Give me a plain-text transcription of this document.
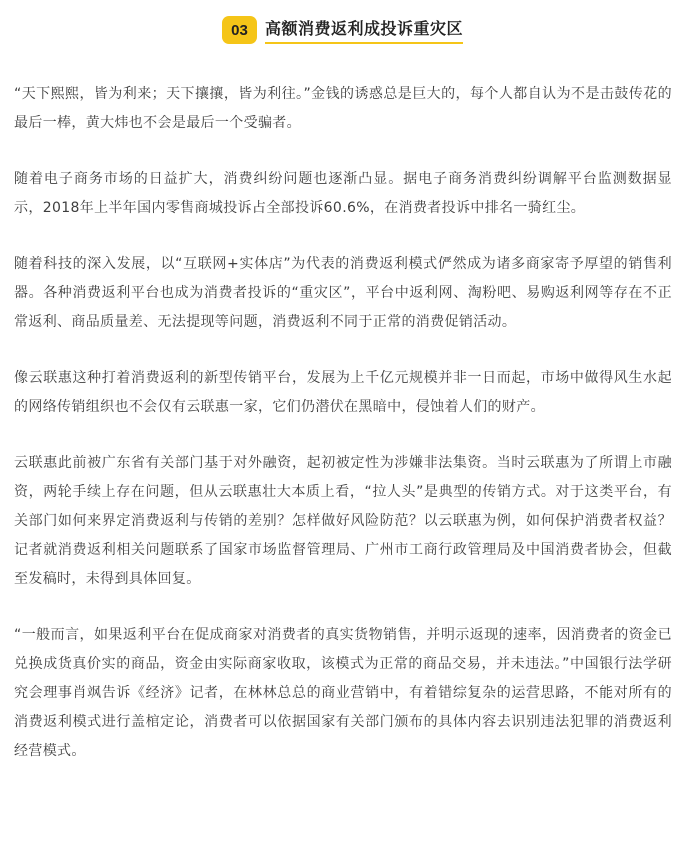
03	高额消费返利成投诉重灾区

“天下熙熙，皆为利来；天下攘攘，皆为利往。”金钱的诱惑总是巨大的，每个人都自认为不是击鼓传花的最后一棒，黄大炜也不会是最后一个受骗者。

随着电子商务市场的日益扩大，消费纠纷问题也逐渐凸显。据电子商务消费纠纷调解平台监测数据显示，2018年上半年国内零售商城投诉占全部投诉60.6%，在消费者投诉中排名一骑红尘。

随着科技的深入发展，以“互联网+实体店”为代表的消费返利模式俨然成为诸多商家寄予厚望的销售利器。各种消费返利平台也成为消费者投诉的“重灾区”，平台中返利网、淘粉吧、易购返利网等存在不正常返利、商品质量差、无法提现等问题，消费返利不同于正常的消费促销活动。

像云联惠这种打着消费返利的新型传销平台，发展为上千亿元规模并非一日而起，市场中做得风生水起的网络传销组织也不会仅有云联惠一家，它们仍潜伏在黑暗中，侵蚀着人们的财产。

云联惠此前被广东省有关部门基于对外融资，起初被定性为涉嫌非法集资。当时云联惠为了所谓上市融资，两轮手续上存在问题，但从云联惠壮大本质上看，“拉人头”是典型的传销方式。对于这类平台，有关部门如何来界定消费返利与传销的差别？怎样做好风险防范？以云联惠为例，如何保护消费者权益？记者就消费返利相关问题联系了国家市场监督管理局、广州市工商行政管理局及中国消费者协会，但截至发稿时，未得到具体回复。

“一般而言，如果返利平台在促成商家对消费者的真实货物销售，并明示返现的速率，因消费者的资金已兑换成货真价实的商品，资金由实际商家收取，该模式为正常的商品交易，并未违法。”中国银行法学研究会理事肖飒告诉《经济》记者，在林林总总的商业营销中，有着错综复杂的运营思路，不能对所有的消费返利模式进行盖棺定论，消费者可以依据国家有关部门颁布的具体内容去识别违法犯罪的消费返利经营模式。
